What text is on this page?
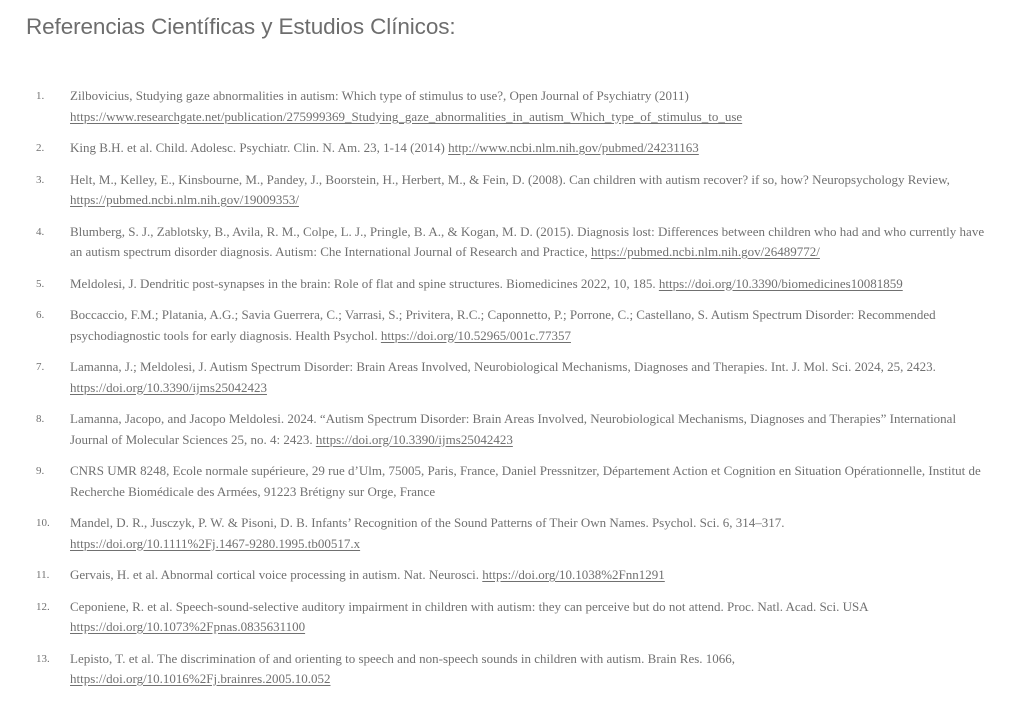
Referencias Científicas y Estudios Clínicos:
1. Zilbovicius, Studying gaze abnormalities in autism: Which type of stimulus to use?, Open Journal of Psychiatry (2011)
https://www.researchgate.net/publication/275999369_Studying_gaze_abnormalities_in_autism_Which_type_of_stimulus_to_use
2. King B.H. et al. Child. Adolesc. Psychiatr. Clin. N. Am. 23, 1-14 (2014) http://www.ncbi.nlm.nih.gov/pubmed/24231163
3. Helt, M., Kelley, E., Kinsbourne, M., Pandey, J., Boorstein, H., Herbert, M., & Fein, D. (2008). Can children with autism recover? if so, how? Neuropsychology Review, https://pubmed.ncbi.nlm.nih.gov/19009353/
4. Blumberg, S. J., Zablotsky, B., Avila, R. M., Colpe, L. J., Pringle, B. A., & Kogan, M. D. (2015). Diagnosis lost: Differences between children who had and who currently have an autism spectrum disorder diagnosis. Autism: Che International Journal of Research and Practice, https://pubmed.ncbi.nlm.nih.gov/26489772/
5. Meldolesi, J. Dendritic post-synapses in the brain: Role of flat and spine structures. Biomedicines 2022, 10, 185. https://doi.org/10.3390/biomedicines10081859
6. Boccaccio, F.M.; Platania, A.G.; Savia Guerrera, C.; Varrasi, S.; Privitera, R.C.; Caponnetto, P.; Porrone, C.; Castellano, S. Autism Spectrum Disorder: Recommended psychodiagnostic tools for early diagnosis. Health Psychol. https://doi.org/10.52965/001c.77357
7. Lamanna, J.; Meldolesi, J. Autism Spectrum Disorder: Brain Areas Involved, Neurobiological Mechanisms, Diagnoses and Therapies. Int. J. Mol. Sci. 2024, 25, 2423.
https://doi.org/10.3390/ijms25042423
8. Lamanna, Jacopo, and Jacopo Meldolesi. 2024. “Autism Spectrum Disorder: Brain Areas Involved, Neurobiological Mechanisms, Diagnoses and Therapies” International Journal of Molecular Sciences 25, no. 4: 2423. https://doi.org/10.3390/ijms25042423
9. CNRS UMR 8248, Ecole normale supérieure, 29 rue d’Ulm, 75005, Paris, France, Daniel Pressnitzer, Département Action et Cognition en Situation Opérationnelle, Institut de Recherche Biomédicale des Armées, 91223 Brétigny sur Orge, France
10. Mandel, D. R., Jusczyk, P. W. & Pisoni, D. B. Infants’ Recognition of the Sound Patterns of Their Own Names. Psychol. Sci. 6, 314–317.
https://doi.org/10.1111%2Fj.1467-9280.1995.tb00517.x
11. Gervais, H. et al. Abnormal cortical voice processing in autism. Nat. Neurosci. https://doi.org/10.1038%2Fnn1291
12. Ceponiene, R. et al. Speech-sound-selective auditory impairment in children with autism: they can perceive but do not attend. Proc. Natl. Acad. Sci. USA
https://doi.org/10.1073%2Fpnas.0835631100
13. Lepisto, T. et al. The discrimination of and orienting to speech and non-speech sounds in children with autism. Brain Res. 1066,
https://doi.org/10.1016%2Fj.brainres.2005.10.052
